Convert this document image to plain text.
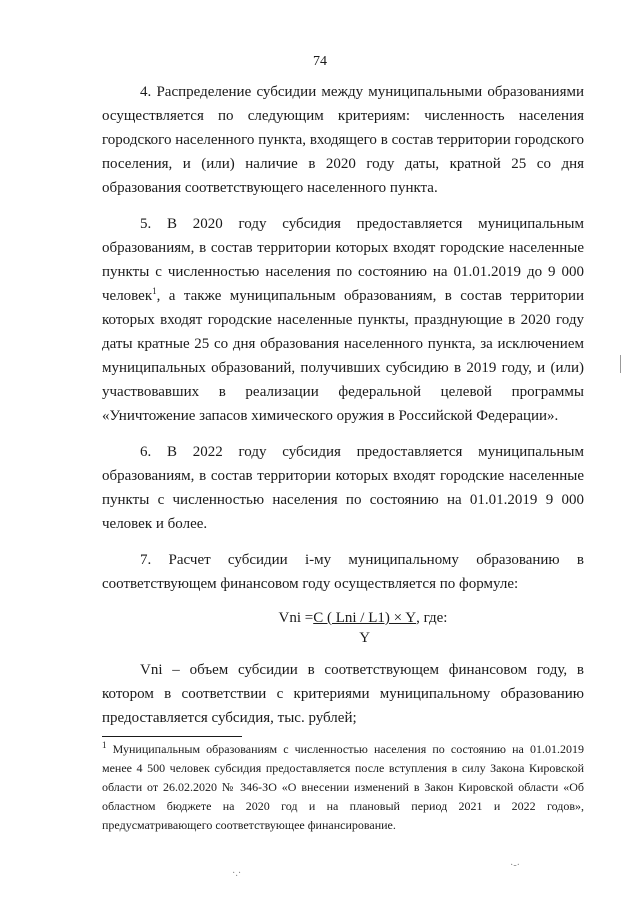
74

4. Распределение субсидии между муниципальными образованиями осуществляется по следующим критериям: численность населения городского населенного пункта, входящего в состав территории городского поселения, и (или) наличие в 2020 году даты, кратной 25 со дня образования соответствующего населенного пункта.

5. В 2020 году субсидия предоставляется муниципальным образованиям, в состав территории которых входят городские населенные пункты с численностью населения по состоянию на 01.01.2019 до 9 000 человек$^1$, а также муниципальным образованиям, в состав территории которых входят городские населенные пункты, празднующие в 2020 году даты кратные 25 со дня образования населенного пункта, за исключением муниципальных образований, получивших субсидию в 2019 году, и (или) участвовавших в реализации федеральной целевой программы «Уничтожение запасов химического оружия в Российской Федерации».

6. В 2022 году субсидия предоставляется муниципальным образованиям, в состав территории которых входят городские населенные пункты с численностью населения по состоянию на 01.01.2019 9 000 человек и более.

7. Расчет субсидии i-му муниципальному образованию в соответствующем финансовом году осуществляется по формуле:

Vni = $\frac{\text{C ( Lni / L1) × Y}}{Y}$ , где:

Vni – объем субсидии в соответствующем финансовом году, в котором в соответствии с критериями муниципальному образованию предоставляется субсидия, тыс. рублей;

$^1$ Муниципальным образованиям с численностью населения по состоянию на 01.01.2019 менее 4 500 человек субсидия предоставляется после вступления в силу Закона Кировской области от 26.02.2020 № 346-ЗО «О внесении изменений в Закон Кировской области «Об областном бюджете на 2020 год и на плановый период 2021 и 2022 годов», предусматривающего соответствующее финансирование.

·.·
·-·
